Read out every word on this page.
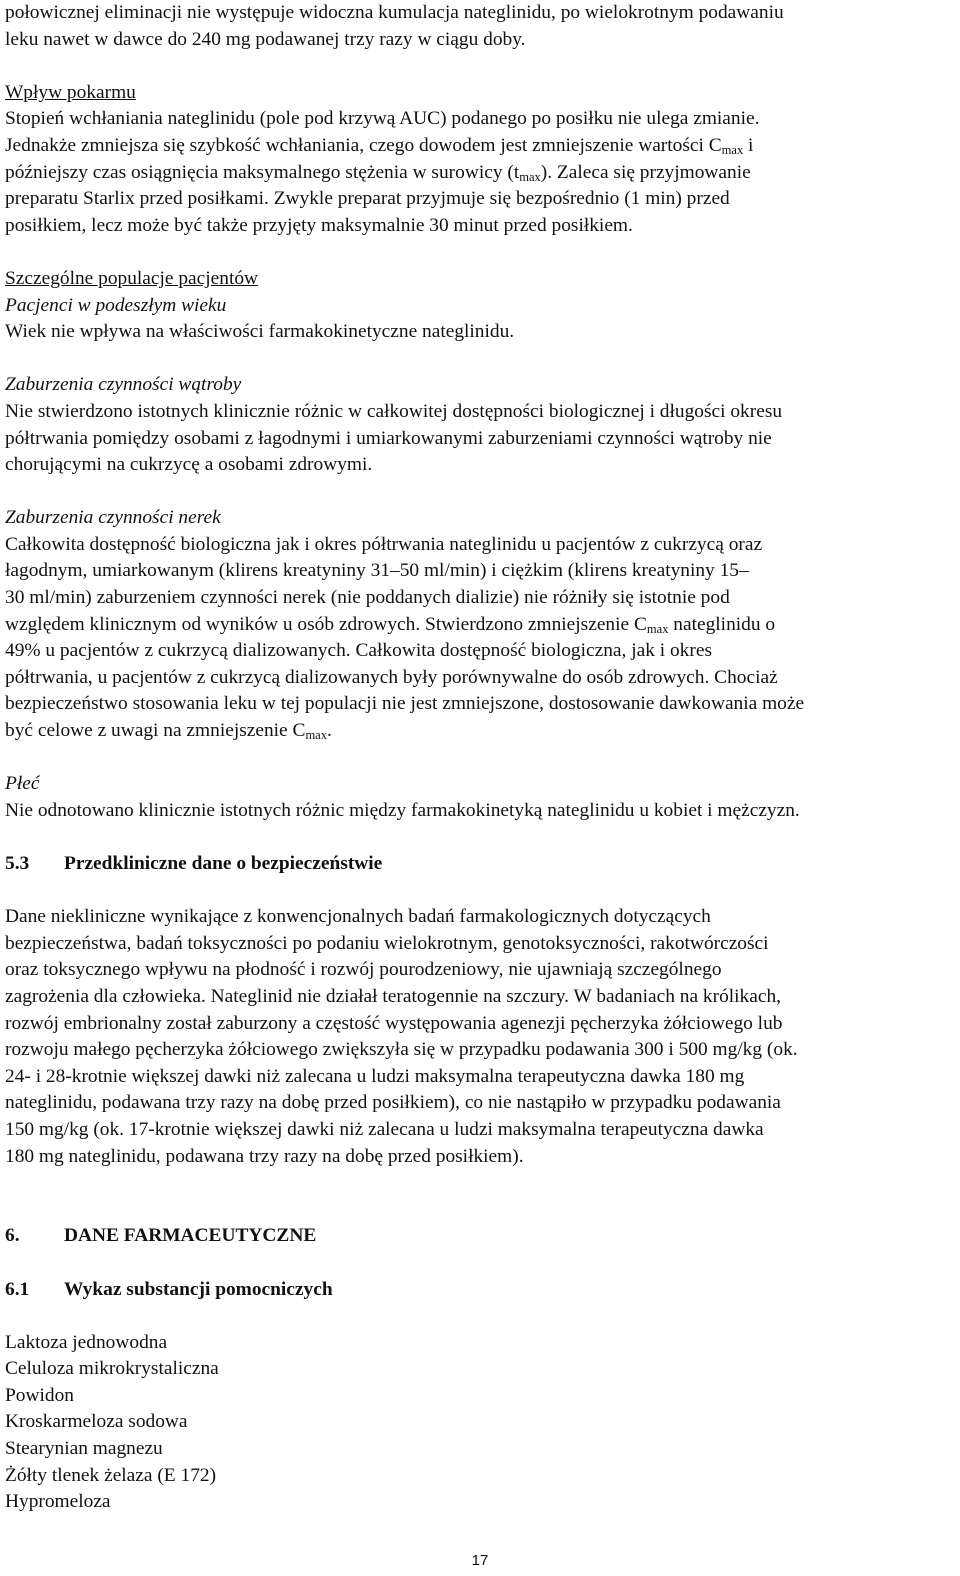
połowicznej eliminacji nie występuje widoczna kumulacja nateglinidu, po wielokrotnym podawaniu
leku nawet w dawce do 240 mg podawanej trzy razy w ciągu doby.
Wpływ pokarmu
Stopień wchłaniania nateglinidu (pole pod krzywą AUC) podanego po posiłku nie ulega zmianie.
Jednakże zmniejsza się szybkość wchłaniania, czego dowodem jest zmniejszenie wartości $C_{max}$ i
późniejszy czas osiągnięcia maksymalnego stężenia w surowicy $(t_{max})$. Zaleca się przyjmowanie
preparatu Starlix przed posiłkami. Zwykle preparat przyjmuje się bezpośrednio (1 min) przed
posiłkiem, lecz może być także przyjęty maksymalnie 30 minut przed posiłkiem.
Szczególne populacje pacjentów
Pacjenci w podeszłym wieku
Wiek nie wpływa na właściwości farmakokinetyczne nateglinidu.
Zaburzenia czynności wątroby
Nie stwierdzono istotnych klinicznie różnic w całkowitej dostępności biologicznej i długości okresu
półtrwania pomiędzy osobami z łagodnymi i umiarkowanymi zaburzeniami czynności wątroby nie
chorującymi na cukrzycę a osobami zdrowymi.
Zaburzenia czynności nerek
Całkowita dostępność biologiczna jak i okres półtrwania nateglinidu u pacjentów z cukrzycą oraz
łagodnym, umiarkowanym (klirens kreatyniny 31–50 ml/min) i ciężkim (klirens kreatyniny 15–
30 ml/min) zaburzeniem czynności nerek (nie poddanych dializie) nie różniły się istotnie pod
względem klinicznym od wyników u osób zdrowych. Stwierdzono zmniejszenie $C_{max}$ nateglinidu o
49% u pacjentów z cukrzycą dializowanych. Całkowita dostępność biologiczna, jak i okres
półtrwania, u pacjentów z cukrzycą dializowanych były porównywalne do osób zdrowych. Chociaż
bezpieczeństwo stosowania leku w tej populacji nie jest zmniejszone, dostosowanie dawkowania może
być celowe z uwagi na zmniejszenie $C_{max}$.
Płeć
Nie odnotowano klinicznie istotnych różnic między farmakokinetyką nateglinidu u kobiet i mężczyzn.
5.3 Przedkliniczne dane o bezpieczeństwie
Dane niekliniczne wynikające z konwencjonalnych badań farmakologicznych dotyczących
bezpieczeństwa, badań toksyczności po podaniu wielokrotnym, genotoksyczności, rakotwórczości
oraz toksycznego wpływu na płodność i rozwój pourodzeniowy, nie ujawniają szczególnego
zagrożenia dla człowieka. Nateglinid nie działał teratogennie na szczury. W badaniach na królikach,
rozwój embrionalny został zaburzony a częstość występowania agenezji pęcherzyka żółciowego lub
rozwoju małego pęcherzyka żółciowego zwiększyła się w przypadku podawania 300 i 500 mg/kg (ok.
24- i 28-krotnie większej dawki niż zalecana u ludzi maksymalna terapeutyczna dawka 180 mg
nateglinidu, podawana trzy razy na dobę przed posiłkiem), co nie nastąpiło w przypadku podawania
150 mg/kg (ok. 17-krotnie większej dawki niż zalecana u ludzi maksymalna terapeutyczna dawka
180 mg nateglinidu, podawana trzy razy na dobę przed posiłkiem).
6. DANE FARMACEUTYCZNE
6.1 Wykaz substancji pomocniczych
Laktoza jednowodna
Celuloza mikrokrystaliczna
Powidon
Kroskarmeloza sodowa
Stearynian magnezu
Żółty tlenek żelaza (E 172)
Hypromeloza
17
